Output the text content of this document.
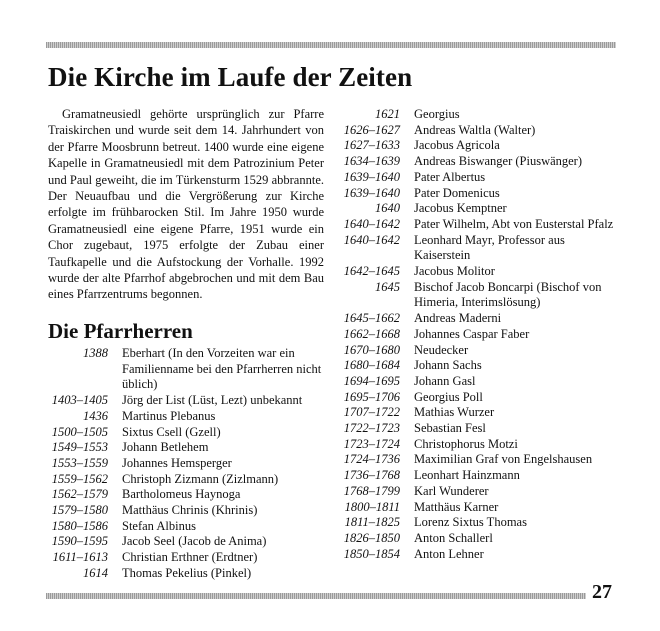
Die Kirche im Laufe der Zeiten

Gramatneusiedl gehörte ursprünglich zur Pfarre Traiskirchen und wurde seit dem 14. Jahrhundert von der Pfarre Moosbrunn betreut. 1400 wurde eine eigene Kapelle in Gramatneusiedl mit dem Patrozinium Peter und Paul geweiht, die im Türkensturm 1529 abbrannte. Der Neuaufbau und die Vergrößerung zur Kirche erfolgte im frühbarocken Stil. Im Jahre 1950 wurde Gramatneusiedl eine eigene Pfarre, 1951 wurde ein Chor zugebaut, 1975 erfolgte der Zubau einer Taufkapelle und die Aufstockung der Vorhalle. 1992 wurde der alte Pfarrhof abgebrochen und mit dem Bau eines Pfarrzentrums begonnen.

Die Pfarrherren
1388	Eberhart (In den Vorzeiten war ein Familienname bei den Pfarrherren nicht üblich)
1403–1405	Jörg der List (Lüst, Lezt) unbekannt
1436	Martinus Plebanus
1500–1505	Sixtus Csell (Gzell)
1549–1553	Johann Betlehem
1553–1559	Johannes Hemsperger
1559–1562	Christoph Zizmann (Zizlmann)
1562–1579	Bartholomeus Haynoga
1579–1580	Matthäus Chrinis (Khrinis)
1580–1586	Stefan Albinus
1590–1595	Jacob Seel (Jacob de Anima)
1611–1613	Christian Erthner (Erdtner)
1614	Thomas Pekelius (Pinkel)
1621	Georgius
1626–1627	Andreas Waltla (Walter)
1627–1633	Jacobus Agricola
1634–1639	Andreas Biswanger (Piuswänger)
1639–1640	Pater Albertus
1639–1640	Pater Domenicus
1640	Jacobus Kemptner
1640–1642	Pater Wilhelm, Abt von Eusterstal Pfalz
1640–1642	Leonhard Mayr, Professor aus Kaiserstein
1642–1645	Jacobus Molitor
1645	Bischof Jacob Boncarpi (Bischof von Himeria, Interimslösung)
1645–1662	Andreas Maderni
1662–1668	Johannes Caspar Faber
1670–1680	Neudecker
1680–1684	Johann Sachs
1694–1695	Johann Gasl
1695–1706	Georgius Poll
1707–1722	Mathias Wurzer
1722–1723	Sebastian Fesl
1723–1724	Christophorus Motzi
1724–1736	Maximilian Graf von Engelshausen
1736–1768	Leonhart Hainzmann
1768–1799	Karl Wunderer
1800–1811	Matthäus Karner
1811–1825	Lorenz Sixtus Thomas
1826–1850	Anton Schallerl
1850–1854	Anton Lehner
27
